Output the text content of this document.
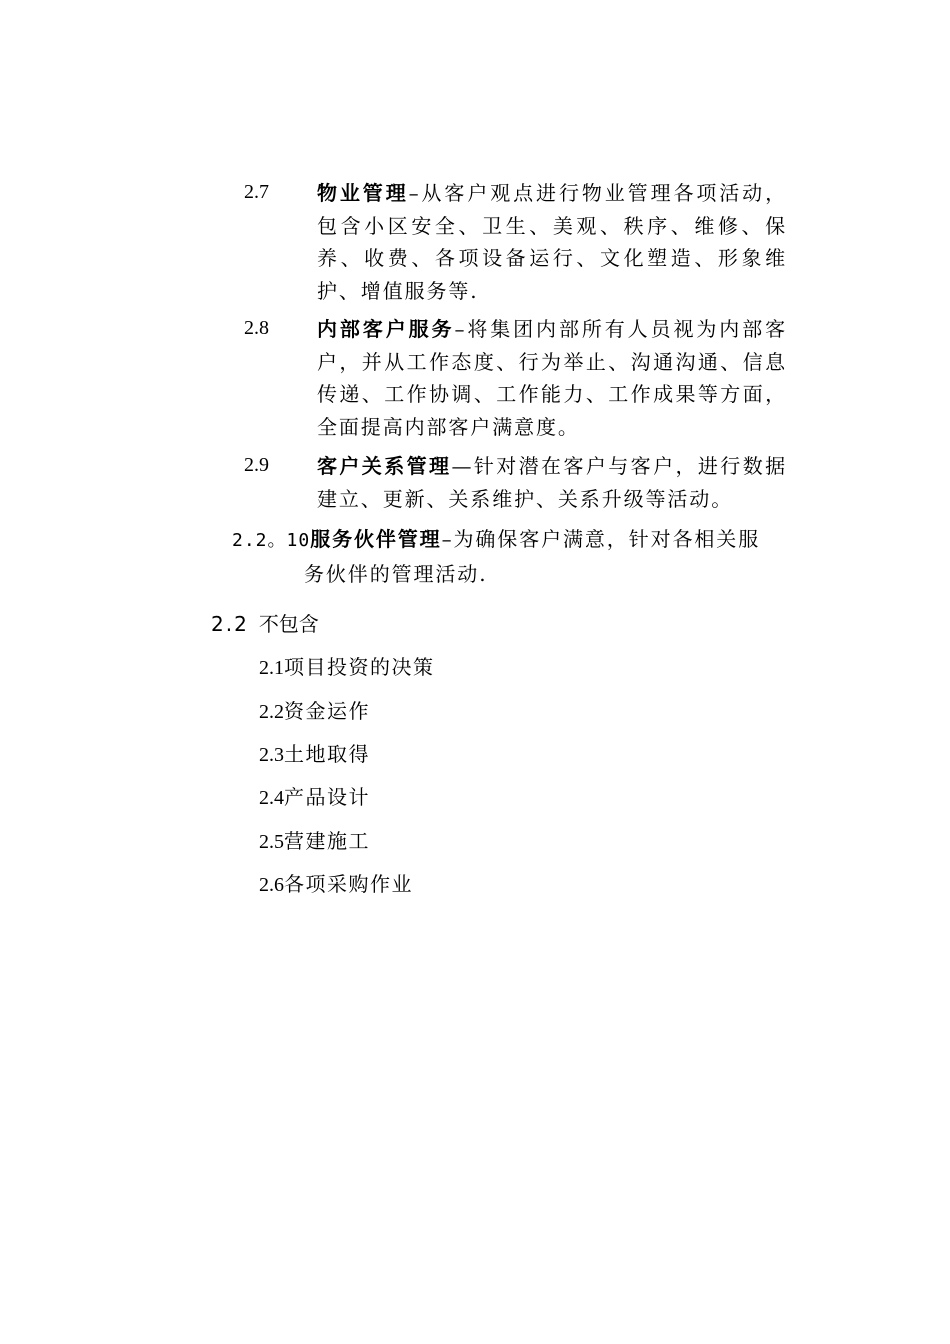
2.7 物业管理–从客户观点进行物业管理各项活动，包含小区安全、卫生、美观、秩序、维修、保养、收费、各项设备运行、文化塑造、形象维护、增值服务等.
2.8 内部客户服务–将集团内部所有人员视为内部客户，并从工作态度、行为举止、沟通沟通、信息传递、工作协调、工作能力、工作成果等方面，全面提高内部客户满意度。
2.9 客户关系管理—针对潜在客户与客户，进行数据建立、更新、关系维护、关系升级等活动。
2.2。10服务伙伴管理–为确保客户满意，针对各相关服
务伙伴的管理活动.
2.2 不包含
2.1项目投资的决策
2.2资金运作
2.3土地取得
2.4产品设计
2.5营建施工
2.6各项采购作业
